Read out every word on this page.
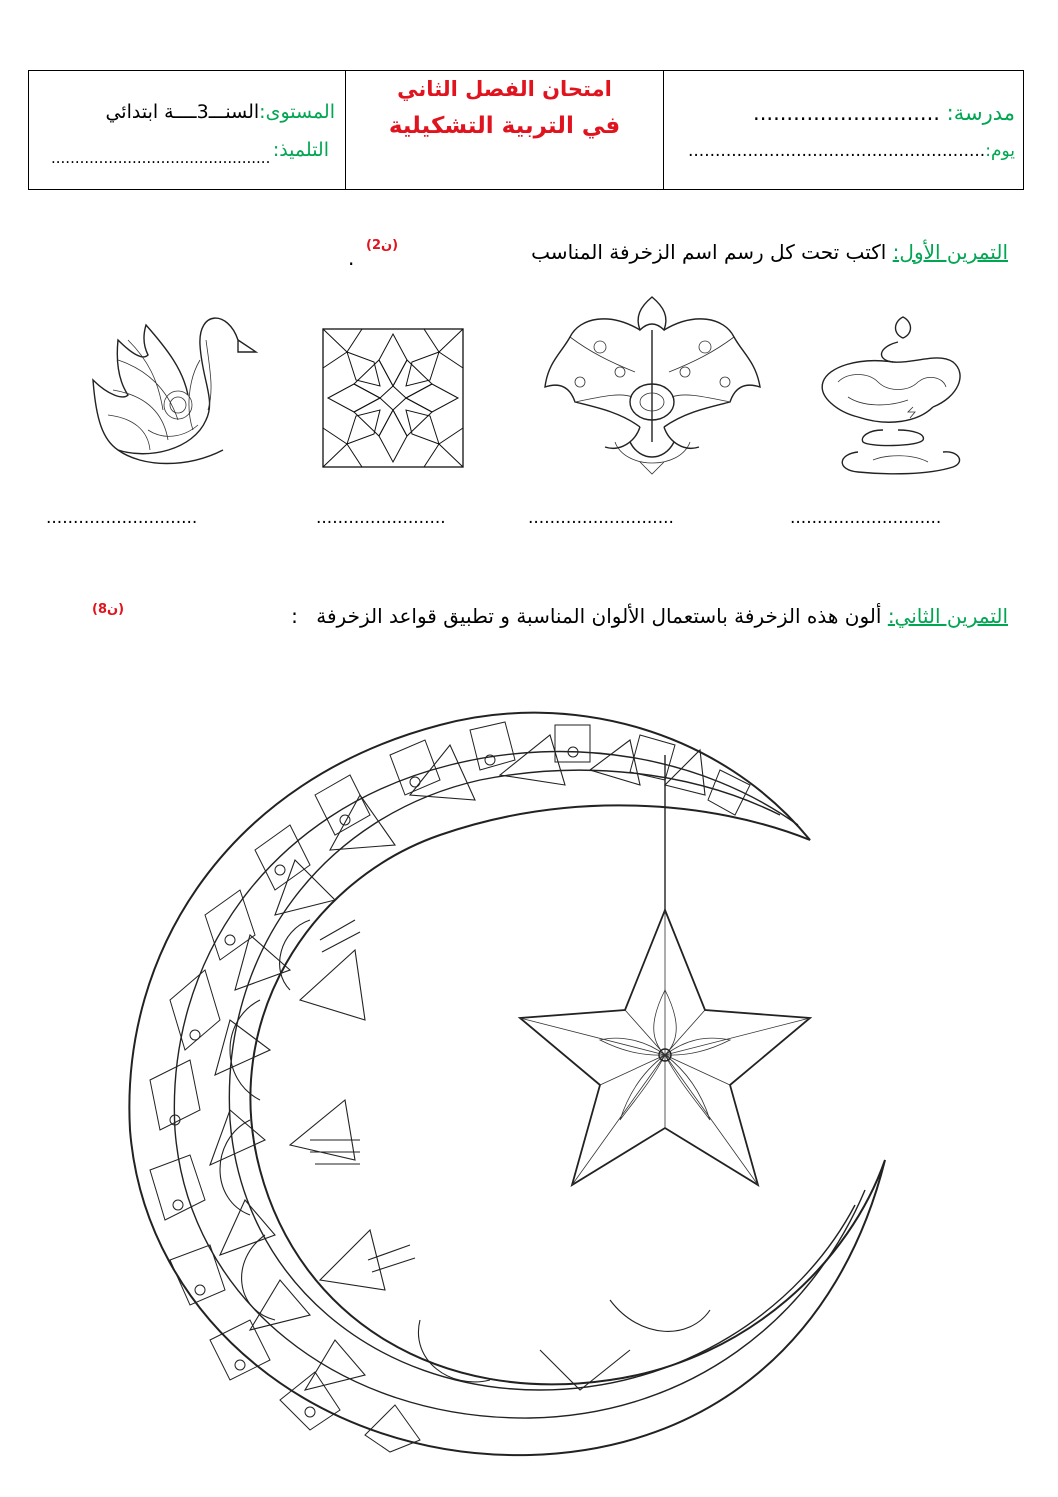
مدرسة: ............................
يوم:.......................................................
امتحان الفصل الثاني
في التربية التشكيلية
المستوى:السنـــ3ــــة ابتدائي
التلميذ:
..............................................
التمرين الأول: اكتب تحت كل رسم اسم الزخرفة المناسب
(2ن)
.
............................
...........................
........................
............................
التمرين الثاني: ألون هذه الزخرفة باستعمال الألوان المناسبة و تطبيق قواعد الزخرفة :
(8ن)
